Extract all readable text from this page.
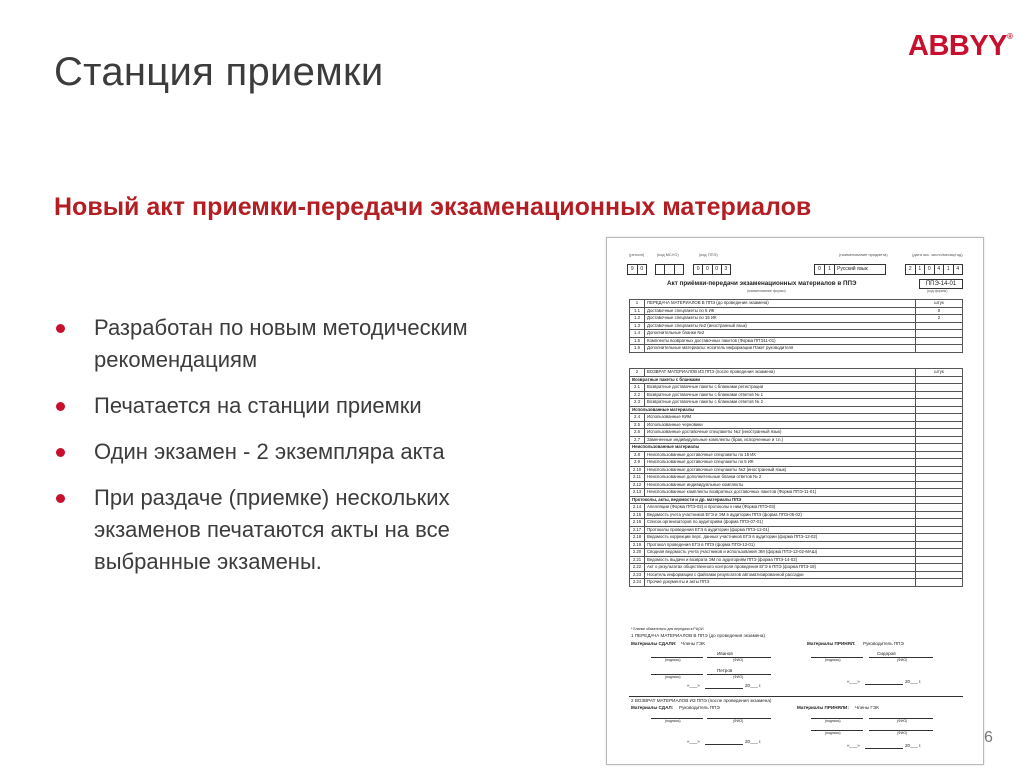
Станция приемки
ABBYY®
Новый акт приемки-передачи экзаменационных материалов
Разработан по новым методическим рекомендациям
Печатается на станции приемки
Один экзамен - 2 экземпляра акта
При раздаче (приемке) нескольких экзаменов печатаются акты на все выбранные экзамены.
6
(регион)	(код МСУО)	(код ППЭ)	(наименование предмета)	(дата экз. число/месяц/год)
9	0	0	0	0	3	0	1	Русский язык	2	1	0	4	1	4
Акт приёмки-передачи экзаменационных материалов в ППЭ
(наименование формы)
ППЭ-14-01
(код формы)
1	ПЕРЕДАЧА МАТЕРИАЛОВ В ППЭ (до проведения экзамена)	штук
1.1	Доставочные спецпакеты по 5 ИК	0
1.2	Доставочные спецпакеты по 15 ИК	2
1.3	Доставочные спецпакеты №2 (иностранный язык)	
1.4	Дополнительные бланки №2	
1.5	Комплекты возвратных доставочных пакетов (Форма ППЭ11-01)	
1.6	Дополнительные материалы: носитель информации Пакет руководителя	
2	ВОЗВРАТ МАТЕРИАЛОВ ИЗ ППЭ (после проведения экзамена)	штук
Возвратные пакеты с бланками		
2.1	Возвратные доставочные пакеты с бланками регистрации	
2.2	Возвратные доставочные пакеты с бланками ответов № 1	
2.3	Возвратные доставочные пакеты с бланками ответов № 2	
Использованные материалы		
2.4	Использованные КИМ	
2.5	Использованные черновики	
2.6	Использованные доставочные спецпакеты №2 (иностранный язык)	
2.7	Замененные индивидуальные комплекты (брак, испорченные и т.п.)	
Неиспользованные материалы		
2.8	Неиспользованные доставочные спецпакеты по 15 ИК	
2.9	Неиспользованные доставочные спецпакеты по 5 ИК	
2.10	Неиспользованные доставочные спецпакеты №2 (иностранный язык)	
2.11	Неиспользованные дополнительные бланки ответов № 2	
2.12	Неиспользованные индивидуальные комплекты	
2.13	Неиспользованные комплекты возвратных доставочных пакетов (Форма ППЭ-11-01)	
Протоколы, акты, ведомости и др. материалы ППЭ		
2.14	Апелляции (Форма ППЭ-02) и протоколы к ним (Форма ППЭ-03)	
2.15	Ведомость учета участников ЕГЭ и ЭМ в аудитории ППЭ (форма ППЭ-05-02)	
2.16	Список организаторов по аудиториям (форма ППЭ-07-01)	
2.17	Протоколы проведения ЕГЭ в аудитории (форма ППЭ-12-01)	
2.18	Ведомость коррекции перс. данных участников ЕГЭ в аудитории (форма ППЭ-12-02)	
2.19	Протокол проведения ЕГЭ в ППЭ (форма ППЭ-13-01)	
2.20	Сводная ведомость учета участников и использования ЭМ (форма ППЭ-13-02-МАШ)	
2.21	Ведомость выдачи и возврата ЭМ по аудиториям ППЭ (форма ППЭ-14-02)	
2.22	Акт о результатах общественного контроля проведения ЕГЭ в ППЭ (форма ППЭ-18)	
2.23	Носитель информации с файлами результатов автоматизированной рассадки	
2.24	Прочие документы и акты ППЭ	
* Бланки обязательно для передачи в РЦОИ
1 ПЕРЕДАЧА МАТЕРИАЛОВ В ППЭ (до проведения экзамена)
Материалы СДАЛИ: Члены ГЭК	Материалы ПРИНЯЛ: Руководитель ППЭ
Иванов
(подпись)	(ФИО)
Петров
(подпись)	(ФИО)
Сидоров
(подпись)	(ФИО)
«___»	20___ г.
«___»	20___ г.
2 ВОЗВРАТ МАТЕРИАЛОВ ИЗ ППЭ (после проведения экзамена)
Материалы СДАЛ: Руководитель ППЭ	Материалы ПРИНЯЛИ: Члены ГЭК
(подпись)	(ФИО)	(подпись)	(ФИО)
(подпись)	(ФИО)
«___»	20___ г.
«___»	20___ г.
